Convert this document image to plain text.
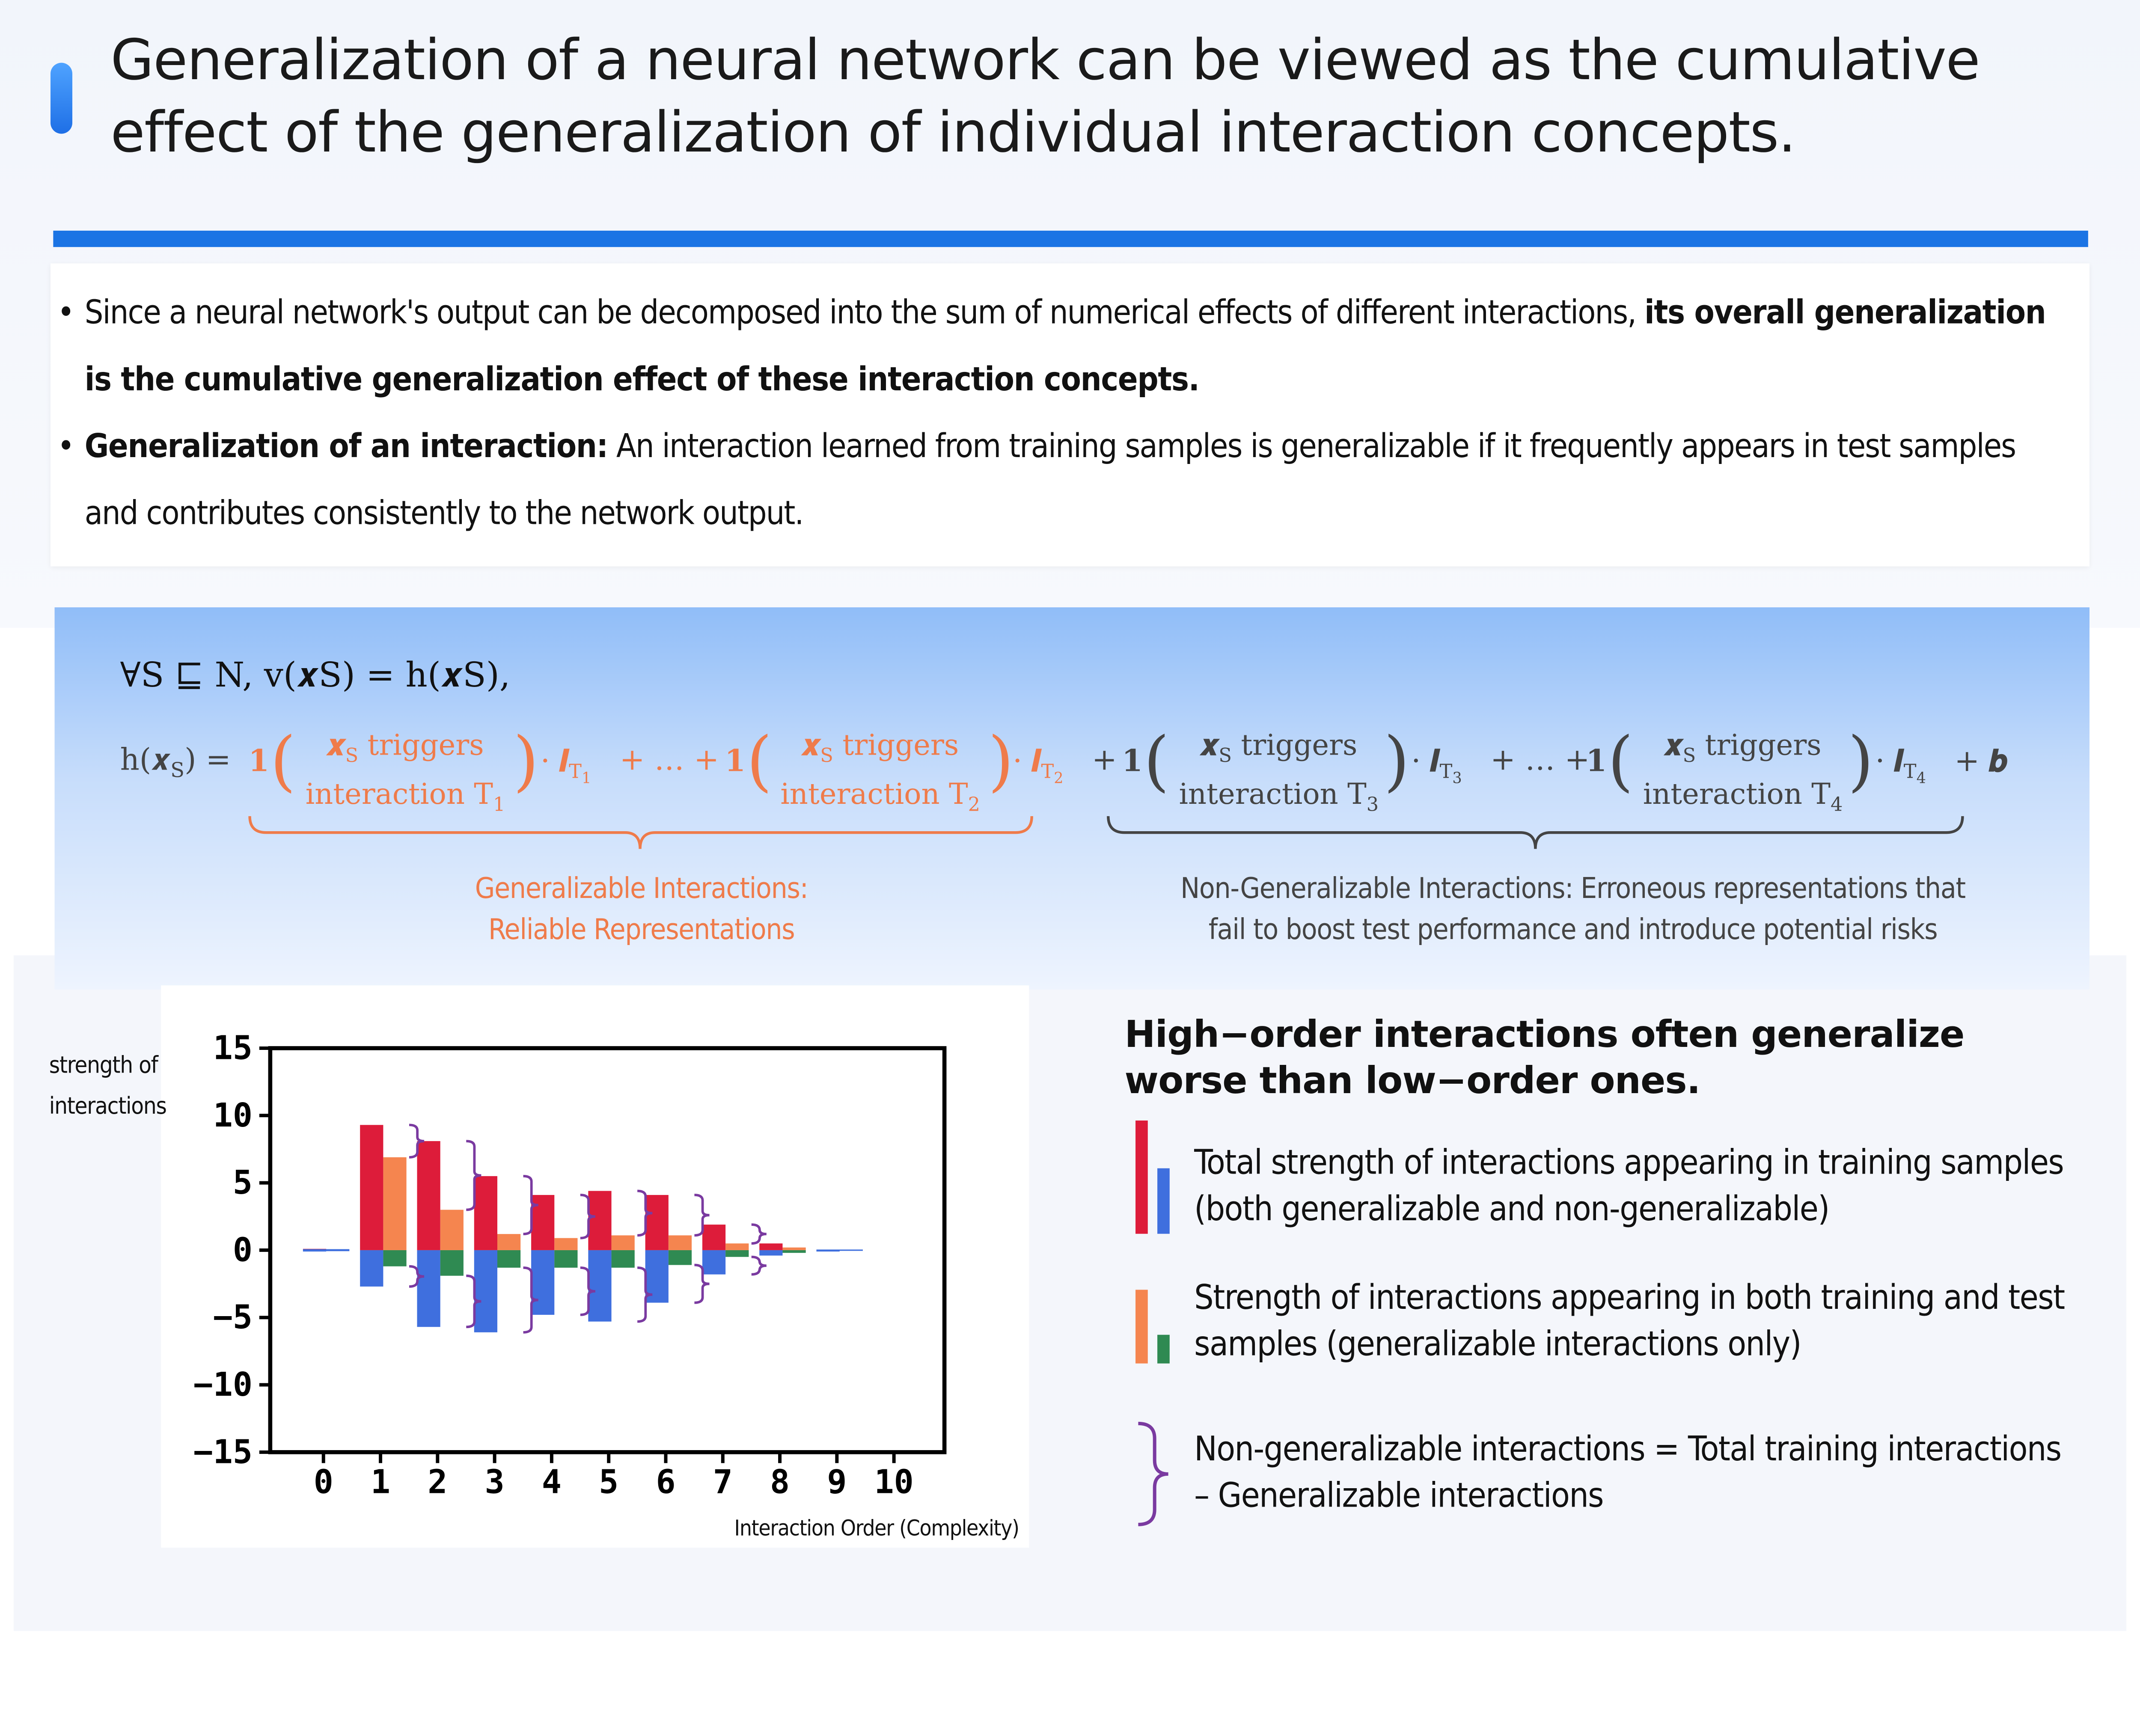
Generalization of a neural network can be viewed as the cumulative effect of the generalization of individual interaction concepts.

• Since a neural network's output can be decomposed into the sum of numerical effects of different interactions, its overall generalization is the cumulative generalization effect of these interaction concepts.

• Generalization of an interaction: An interaction learned from training samples is generalizable if it frequently appears in test samples and contributes consistently to the network output.

∀S ⊑ N, v(𝒙S) = h(𝒙S),
h(𝒙$_S$) = 1 (	𝒙$_S$ triggers
interaction $T_1$
) · 𝑰$_{T_1}$
+ … + 1 (	𝒙$_S$ triggers
interaction $T_2$
)
· 𝑰$_{T_2}$
+ 1 (	𝒙$_S$ triggers
interaction $T_3$
) · 𝑰$_{T_3}$
+ … +
1 (	𝒙$_S$ triggers
interaction $T_4$
) · 𝑰$_{T_4}$	+ 𝒃
Generalizable Interactions:
Reliable Representations
Non-Generalizable Interactions: Erroneous representations that
fail to boost test performance and introduce potential risks
strength of
interactions
Interaction Order (Complexity)
15
10
5
0
−5
−10
−15
0	1	2	3	4	5	6	7	8	9	10
High−order interactions often generalize worse than low−order ones.
Total strength of interactions appearing in training samples (both generalizable and non-generalizable)
Strength of interactions appearing in both training and test samples (generalizable interactions only)
Non-generalizable interactions = Total training interactions – Generalizable interactions
